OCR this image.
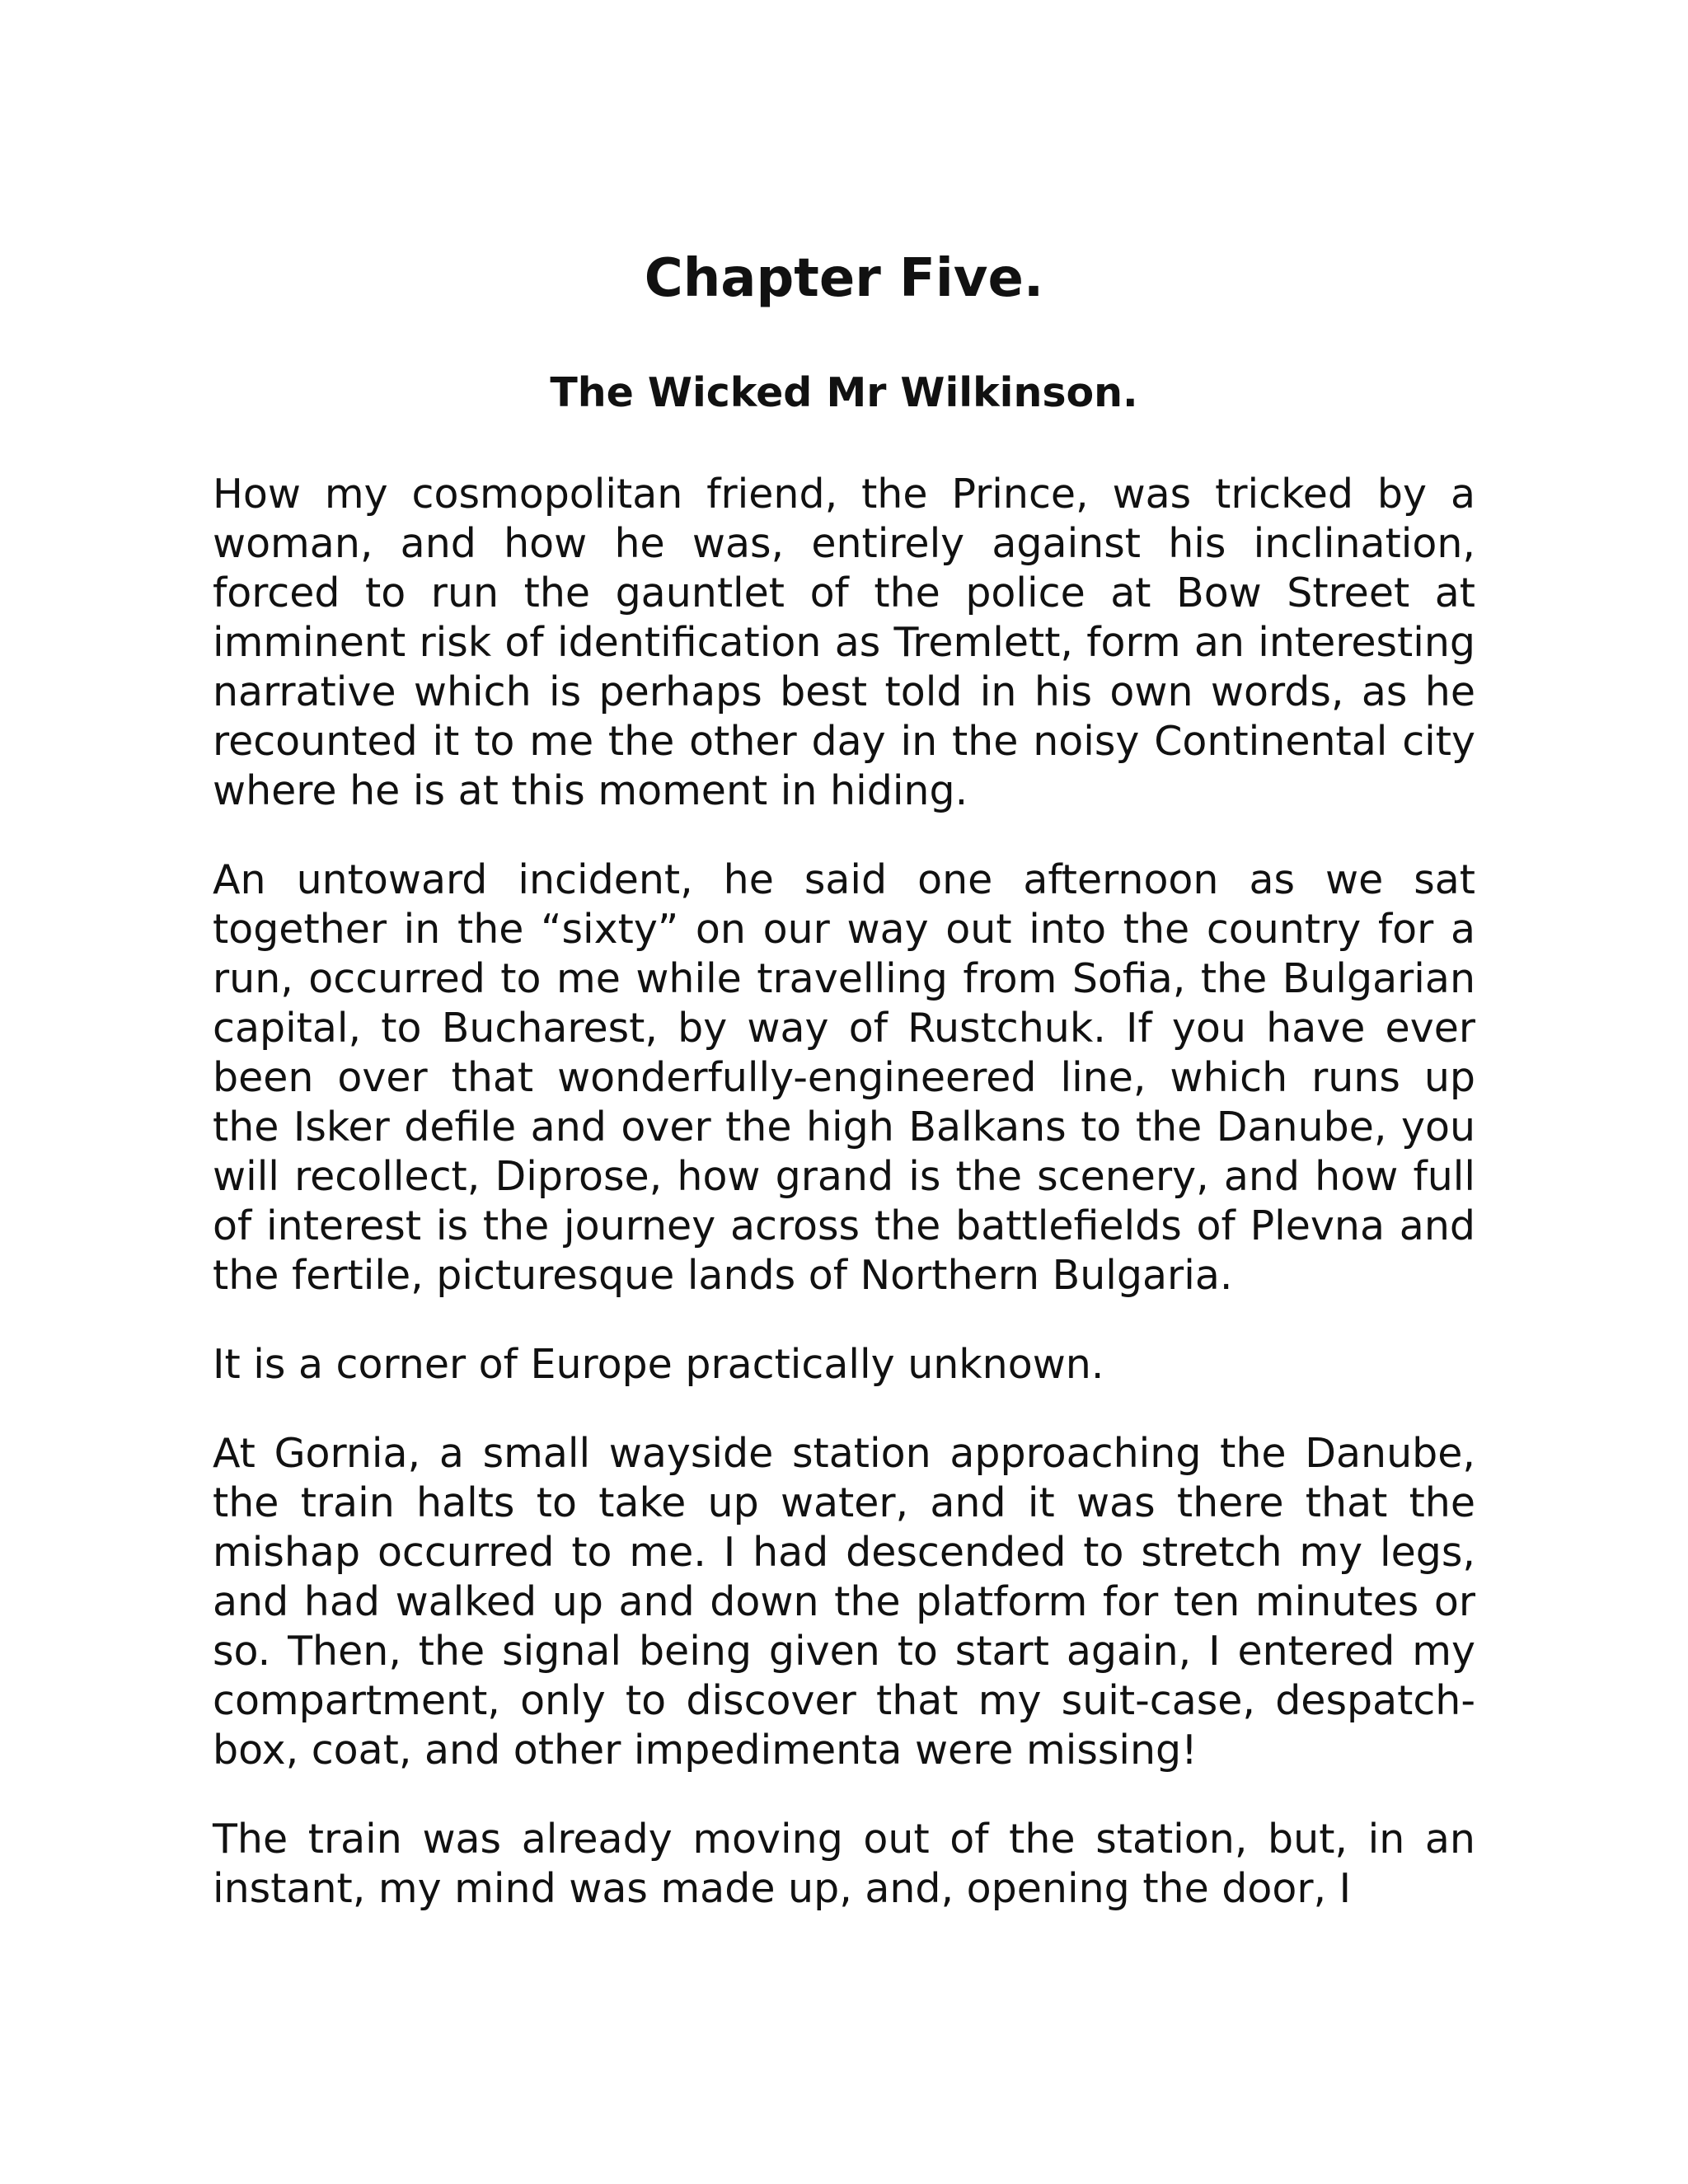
Chapter Five.
The Wicked Mr Wilkinson.

How my cosmopolitan friend, the Prince, was tricked by a woman, and how he was, entirely against his inclination, forced to run the gauntlet of the police at Bow Street at imminent risk of identification as Tremlett, form an interesting narrative which is perhaps best told in his own words, as he recounted it to me the other day in the noisy Continental city where he is at this moment in hiding.

An untoward incident, he said one afternoon as we sat together in the “sixty” on our way out into the country for a run, occurred to me while travelling from Sofia, the Bulgarian capital, to Bucharest, by way of Rustchuk. If you have ever been over that wonderfully-engineered line, which runs up the Isker defile and over the high Balkans to the Danube, you will recollect, Diprose, how grand is the scenery, and how full of interest is the journey across the battlefields of Plevna and the fertile, picturesque lands of Northern Bulgaria.

It is a corner of Europe practically unknown.

At Gornia, a small wayside station approaching the Danube, the train halts to take up water, and it was there that the mishap occurred to me. I had descended to stretch my legs, and had walked up and down the platform for ten minutes or so. Then, the signal being given to start again, I entered my compartment, only to discover that my suit-case, despatch-box, coat, and other impedimenta were missing!

The train was already moving out of the station, but, in an instant, my mind was made up, and, opening the door, I
